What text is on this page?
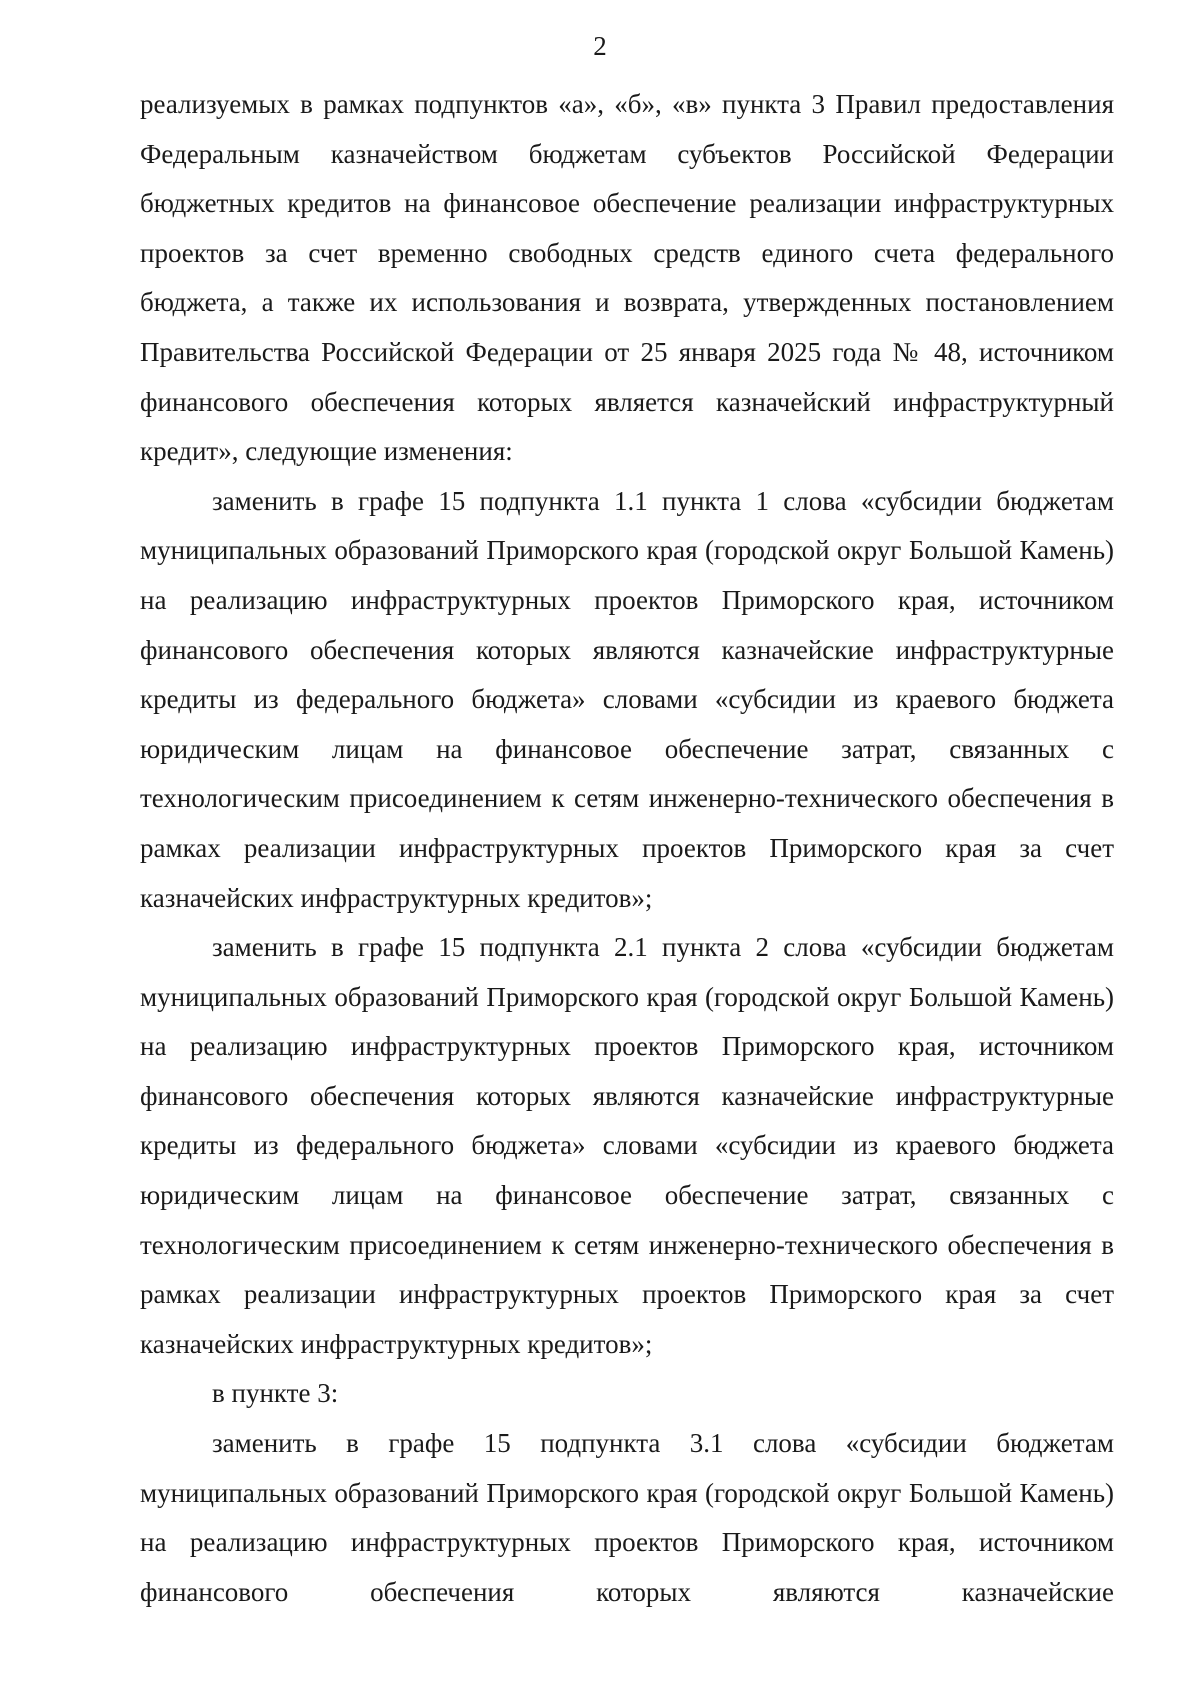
2

реализуемых в рамках подпунктов «а», «б», «в» пункта 3 Правил предоставления Федеральным казначейством бюджетам субъектов Российской Федерации бюджетных кредитов на финансовое обеспечение реализации инфраструктурных проектов за счет временно свободных средств единого счета федерального бюджета, а также их использования и возврата, утвержденных постановлением Правительства Российской Федерации от 25 января 2025 года № 48, источником финансового обеспечения которых является казначейский инфраструктурный кредит», следующие изменения:

заменить в графе 15 подпункта 1.1 пункта 1 слова «субсидии бюджетам муниципальных образований Приморского края (городской округ Большой Камень) на реализацию инфраструктурных проектов Приморского края, источником финансового обеспечения которых являются казначейские инфраструктурные кредиты из федерального бюджета» словами «субсидии из краевого бюджета юридическим лицам на финансовое обеспечение затрат, связанных с технологическим присоединением к сетям инженерно-технического обеспечения в рамках реализации инфраструктурных проектов Приморского края за счет казначейских инфраструктурных кредитов»;

заменить в графе 15 подпункта 2.1 пункта 2 слова «субсидии бюджетам муниципальных образований Приморского края (городской округ Большой Камень) на реализацию инфраструктурных проектов Приморского края, источником финансового обеспечения которых являются казначейские инфраструктурные кредиты из федерального бюджета» словами «субсидии из краевого бюджета юридическим лицам на финансовое обеспечение затрат, связанных с технологическим присоединением к сетям инженерно-технического обеспечения в рамках реализации инфраструктурных проектов Приморского края за счет казначейских инфраструктурных кредитов»;

в пункте 3:

заменить в графе 15 подпункта 3.1 слова «субсидии бюджетам муниципальных образований Приморского края (городской округ Большой Камень) на реализацию инфраструктурных проектов Приморского края, источником финансового обеспечения которых являются казначейские
